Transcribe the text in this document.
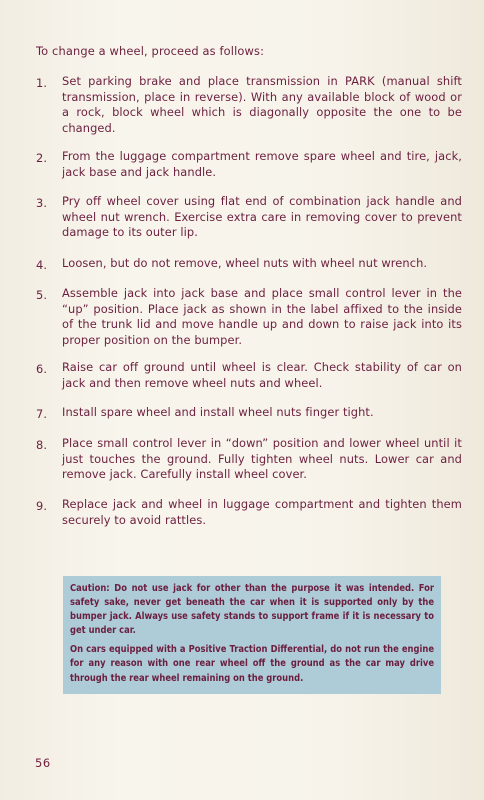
To change a wheel, proceed as follows:
1.	Set parking brake and place transmission in PARK (manual shift transmission, place in reverse). With any available block of wood or a rock, block wheel which is diagonally opposite the one to be changed.
2.	From the luggage compartment remove spare wheel and tire, jack, jack base and jack handle.
3.	Pry off wheel cover using flat end of combination jack handle and wheel nut wrench. Exercise extra care in removing cover to prevent damage to its outer lip.
4.	Loosen, but do not remove, wheel nuts with wheel nut wrench.
5.	Assemble jack into jack base and place small control lever in the “up” position. Place jack as shown in the label affixed to the inside of the trunk lid and move handle up and down to raise jack into its proper position on the bumper.
6.	Raise car off ground until wheel is clear. Check stability of car on jack and then remove wheel nuts and wheel.
7.	Install spare wheel and install wheel nuts finger tight.
8.	Place small control lever in “down” position and lower wheel until it just touches the ground. Fully tighten wheel nuts. Lower car and remove jack. Carefully install wheel cover.
9.	Replace jack and wheel in luggage compartment and tighten them securely to avoid rattles.

Caution: Do not use jack for other than the purpose it was intended. For safety sake, never get beneath the car when it is supported only by the bumper jack. Always use safety stands to support frame if it is necessary to get under car.

On cars equipped with a Positive Traction Differential, do not run the engine for any reason with one rear wheel off the ground as the car may drive through the rear wheel remaining on the ground.

56
